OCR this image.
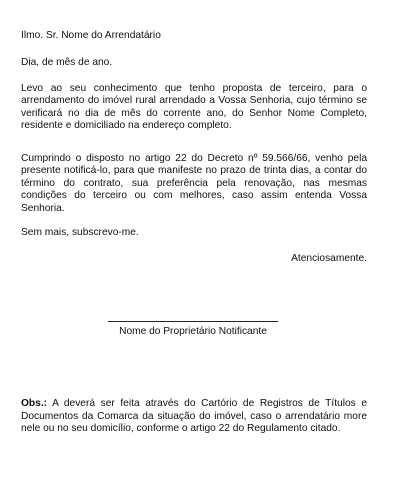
Ilmo. Sr. Nome do Arrendatário
Dia, de mês de ano.
Levo ao seu conhecimento que tenho proposta de terceiro, para o arrendamento do imóvel rural arrendado a Vossa Senhoria, cujo término se verificará no dia de mês do corrente ano, do Senhor Nome Completo, residente e domiciliado na endereço completo.
Cumprindo o disposto no artigo 22 do Decreto nº 59.566/66, venho pela presente notificá-lo, para que manifeste no prazo de trinta dias, a contar do término do contrato, sua preferência pela renovação, nas mesmas condições do terceiro ou com melhores, caso assim entenda Vossa Senhoria.
Sem mais, subscrevo-me.
Atenciosamente.
Nome do Proprietário Notificante
Obs.: A deverá ser feita através do Cartório de Registros de Títulos e Documentos da Comarca da situação do imóvel, caso o arrendatário more nele ou no seu domicílio, conforme o artigo 22 do Regulamento citado.
